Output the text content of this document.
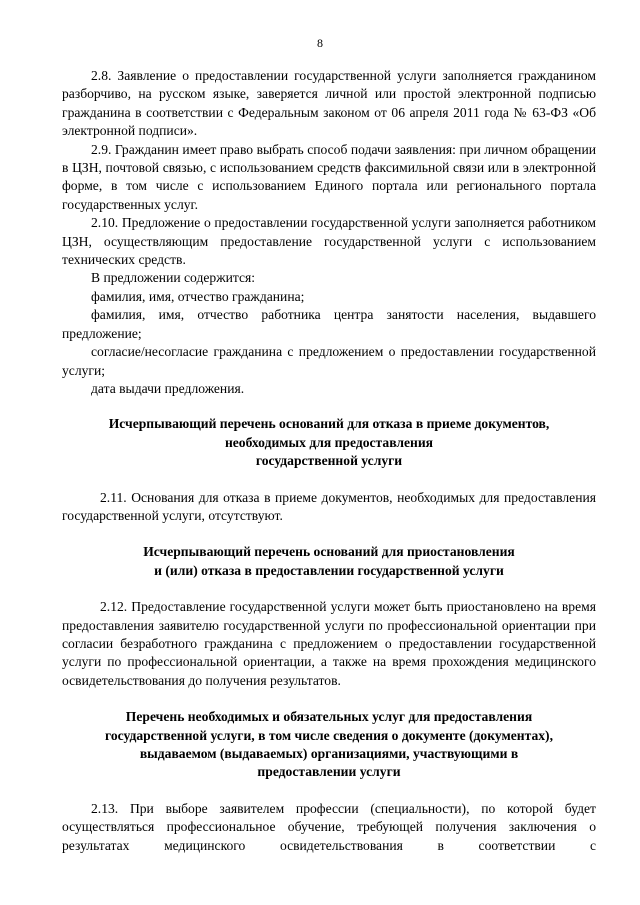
8

2.8. Заявление о предоставлении государственной услуги заполняется гражданином разборчиво, на русском языке, заверяется личной или простой электронной подписью гражданина в соответствии с Федеральным законом от 06 апреля 2011 года № 63-ФЗ «Об электронной подписи».

2.9. Гражданин имеет право выбрать способ подачи заявления: при личном обращении в ЦЗН, почтовой связью, с использованием средств факсимильной связи или в электронной форме, в том числе с использованием Единого портала или регионального портала государственных услуг.

2.10. Предложение о предоставлении государственной услуги заполняется работником ЦЗН, осуществляющим предоставление государственной услуги с использованием технических средств.

В предложении содержится:

фамилия, имя, отчество гражданина;

фамилия, имя, отчество работника центра занятости населения, выдавшего предложение;

согласие/несогласие гражданина с предложением о предоставлении государственной услуги;

дата выдачи предложения.

Исчерпывающий перечень оснований для отказа в приеме документов,

необходимых для предоставления

государственной услуги

2.11. Основания для отказа в приеме документов, необходимых для предоставления государственной услуги, отсутствуют.

Исчерпывающий перечень оснований для приостановления

и (или) отказа в предоставлении государственной услуги

2.12. Предоставление государственной услуги может быть приостановлено на время предоставления заявителю государственной услуги по профессиональной ориентации при согласии безработного гражданина с предложением о предоставлении государственной услуги по профессиональной ориентации, а также на время прохождения медицинского освидетельствования до получения результатов.

Перечень необходимых и обязательных услуг для предоставления

государственной услуги, в том числе сведения о документе (документах),

выдаваемом (выдаваемых) организациями, участвующими в

предоставлении услуги

2.13. При выборе заявителем профессии (специальности), по которой будет осуществляться профессиональное обучение, требующей получения заключения о результатах медицинского освидетельствования в соответствии с
